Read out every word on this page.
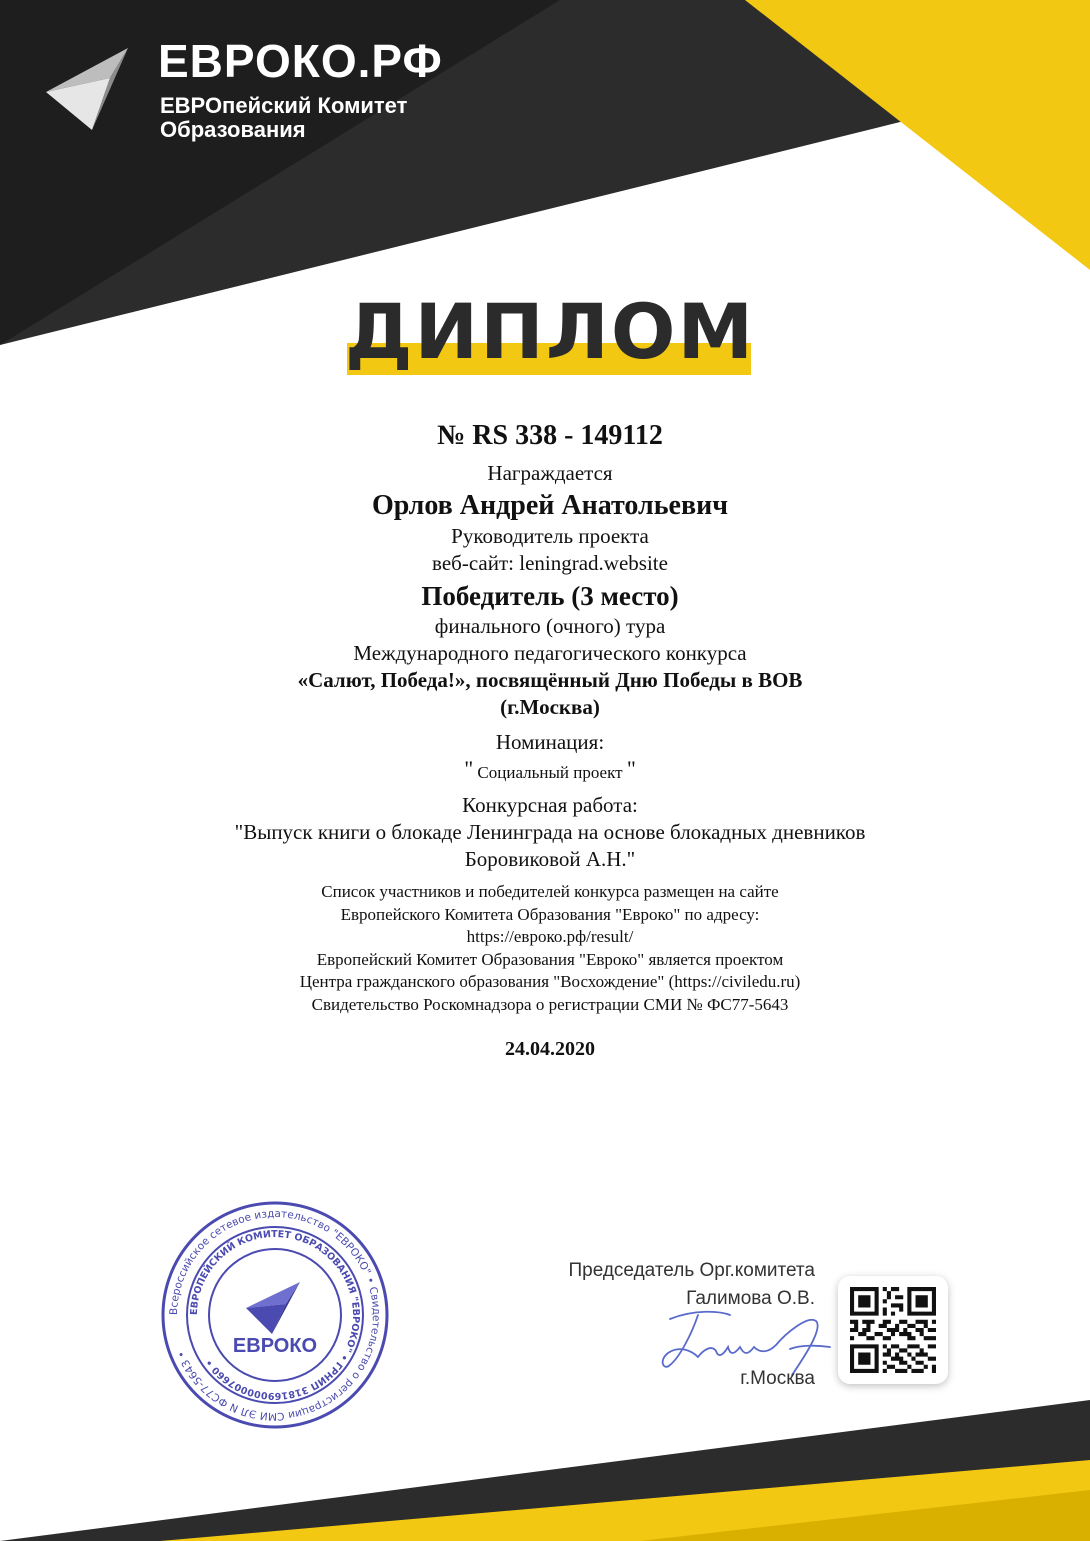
ЕВРОКО.РФ
ЕВРОпейский Комитет
Образования
ДИПЛОМ
№ RS 338 - 149112
Награждается
Орлов Андрей Анатольевич
Руководитель проекта
веб-сайт: leningrad.website
Победитель (3 место)
финального (очного) тура
Международного педагогического конкурса
«Салют, Победа!», посвящённый Дню Победы в ВОВ
(г.Москва)
Номинация:
" Социальный проект "
Конкурсная работа:
"Выпуск книги о блокаде Ленинграда на основе блокадных дневников
Боровиковой А.Н."
Список участников и победителей конкурса размещен на сайте
Европейского Комитета Образования "Евроко" по адресу:
https://евроко.рф/result/
Европейский Комитет Образования "Евроко" является проектом
Центра гражданского образования "Восхождение" (https://civiledu.ru)
Свидетельство Роскомнадзора о регистрации СМИ № ФС77-5643
24.04.2020
Всероссийское сетевое издательство "ЕВРОКО" • Свидетельство о регистрации СМИ ЭЛ N ФС77-5643 •
ЕВРОПЕЙСКИЙ КОМИТЕТ ОБРАЗОВАНИЯ "ЕВРОКО" • ГРНИП 318169000007660 •
ЕВРОКО
Председатель Орг.комитета
Галимова О.В.
г.Москва
